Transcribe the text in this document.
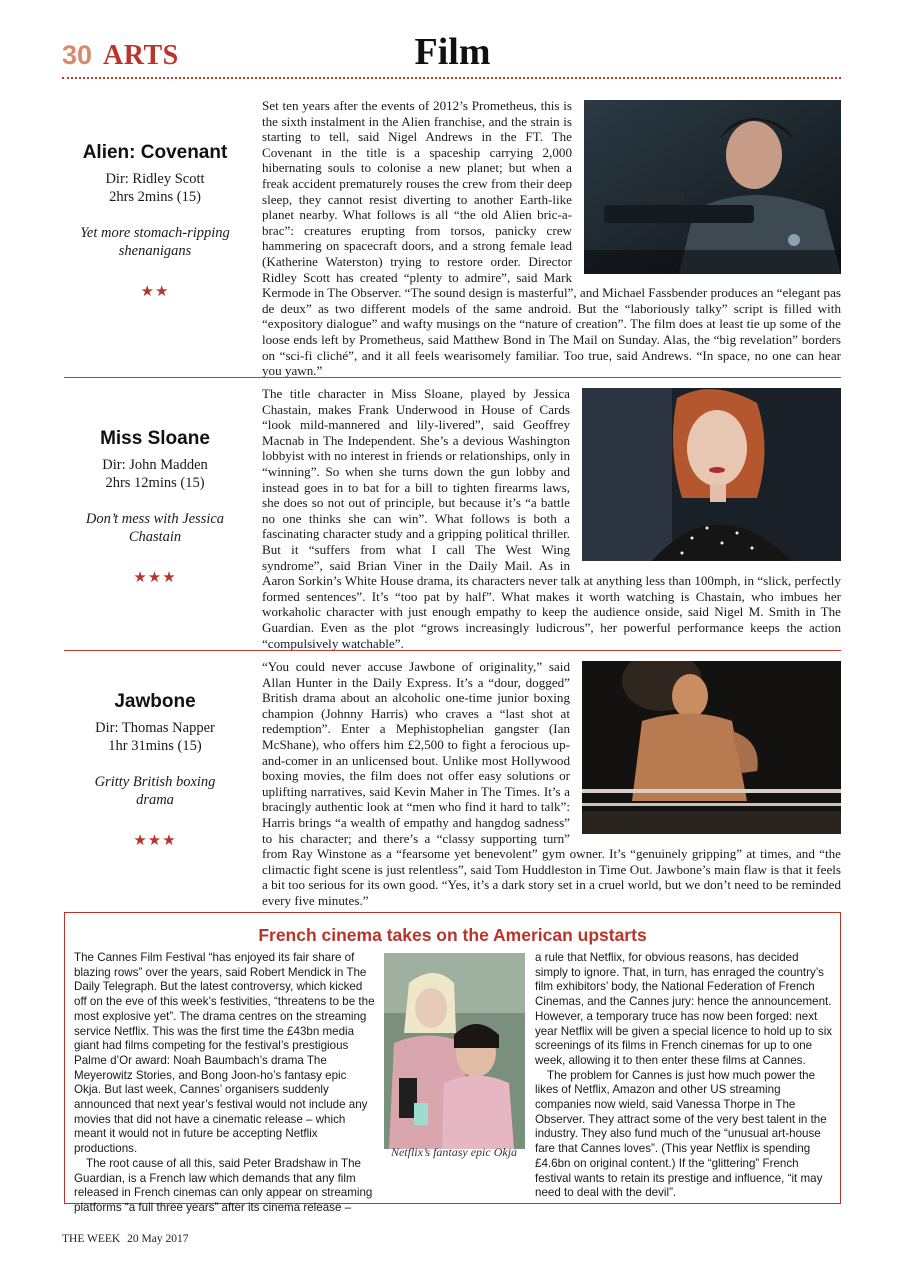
30 ARTS	Film
Alien: Covenant
Dir: Ridley Scott
2hrs 2mins (15)
Yet more stomach-ripping shenanigans
★★
Set ten years after the events of 2012’s Prometheus, this is the sixth instalment in the Alien franchise, and the strain is starting to tell, said Nigel Andrews in the FT. The Covenant in the title is a spaceship carrying 2,000 hibernating souls to colonise a new planet; but when a freak accident prematurely rouses the crew from their deep sleep, they cannot resist diverting to another Earth-like planet nearby. What follows is all “the old Alien bric-a-brac”: creatures erupting from torsos, panicky crew hammering on spacecraft doors, and a strong female lead (Katherine Waterston) trying to restore order. Director Ridley Scott has created “plenty to admire”, said Mark Kermode in The Observer. “The sound design is masterful”, and Michael Fassbender produces an “elegant pas de deux” as two different models of the same android. But the “laboriously talky” script is filled with “expository dialogue” and wafty musings on the “nature of creation”. The film does at least tie up some of the loose ends left by Prometheus, said Matthew Bond in The Mail on Sunday. Alas, the “big revelation” borders on “sci-fi cliché”, and it all feels wearisomely familiar. Too true, said Andrews. “In space, no one can hear you yawn.”
Miss Sloane
Dir: John Madden
2hrs 12mins (15)
Don’t mess with Jessica Chastain
★★★
The title character in Miss Sloane, played by Jessica Chastain, makes Frank Underwood in House of Cards “look mild-mannered and lily-livered”, said Geoffrey Macnab in The Independent. She’s a devious Washington lobbyist with no interest in friends or relationships, only in “winning”. So when she turns down the gun lobby and instead goes in to bat for a bill to tighten firearms laws, she does so not out of principle, but because it’s “a battle no one thinks she can win”. What follows is both a fascinating character study and a gripping political thriller. But it “suffers from what I call The West Wing syndrome”, said Brian Viner in the Daily Mail. As in Aaron Sorkin’s White House drama, its characters never talk at anything less than 100mph, in “slick, perfectly formed sentences”. It’s “too pat by half”. What makes it worth watching is Chastain, who imbues her workaholic character with just enough empathy to keep the audience onside, said Nigel M. Smith in The Guardian. Even as the plot “grows increasingly ludicrous”, her powerful performance keeps the action “compulsively watchable”.
Jawbone
Dir: Thomas Napper
1hr 31mins (15)
Gritty British boxing drama
★★★
“You could never accuse Jawbone of originality,” said Allan Hunter in the Daily Express. It’s a “dour, dogged” British drama about an alcoholic one-time junior boxing champion (Johnny Harris) who craves a “last shot at redemption”. Enter a Mephistophelian gangster (Ian McShane), who offers him £2,500 to fight a ferocious up-and-comer in an unlicensed bout. Unlike most Hollywood boxing movies, the film does not offer easy solutions or uplifting narratives, said Kevin Maher in The Times. It’s a bracingly authentic look at “men who find it hard to talk”: Harris brings “a wealth of empathy and hangdog sadness” to his character; and there’s a “classy supporting turn” from Ray Winstone as a “fearsome yet benevolent” gym owner. It’s “genuinely gripping” at times, and “the climactic fight scene is just relentless”, said Tom Huddleston in Time Out. Jawbone’s main flaw is that it feels a bit too serious for its own good. “Yes, it’s a dark story set in a cruel world, but we don’t need to be reminded every five minutes.”
French cinema takes on the American upstarts

The Cannes Film Festival “has enjoyed its fair share of blazing rows” over the years, said Robert Mendick in The Daily Telegraph. But the latest controversy, which kicked off on the eve of this week’s festivities, “threatens to be the most explosive yet”. The drama centres on the streaming service Netflix. This was the first time the £43bn media giant had films competing for the festival’s prestigious Palme d’Or award: Noah Baumbach’s drama The Meyerowitz Stories, and Bong Joon-ho’s fantasy epic Okja. But last week, Cannes’ organisers suddenly announced that next year’s festival would not include any movies that did not have a cinematic release – which meant it would not in future be accepting Netflix productions.

The root cause of all this, said Peter Bradshaw in The Guardian, is a French law which demands that any film released in French cinemas can only appear on streaming platforms “a full three years” after its cinema release –

Netflix’s fantasy epic Okja

a rule that Netflix, for obvious reasons, has decided simply to ignore. That, in turn, has enraged the country’s film exhibitors’ body, the National Federation of French Cinemas, and the Cannes jury: hence the announcement. However, a temporary truce has now been forged: next year Netflix will be given a special licence to hold up to six screenings of its films in French cinemas for up to one week, allowing it to then enter these films at Cannes.

The problem for Cannes is just how much power the likes of Netflix, Amazon and other US streaming companies now wield, said Vanessa Thorpe in The Observer. They attract some of the very best talent in the industry. They also fund much of the “unusual art-house fare that Cannes loves”. (This year Netflix is spending £4.6bn on original content.) If the “glittering” French festival wants to retain its prestige and influence, “it may need to deal with the devil”.

THE WEEK 20 May 2017
